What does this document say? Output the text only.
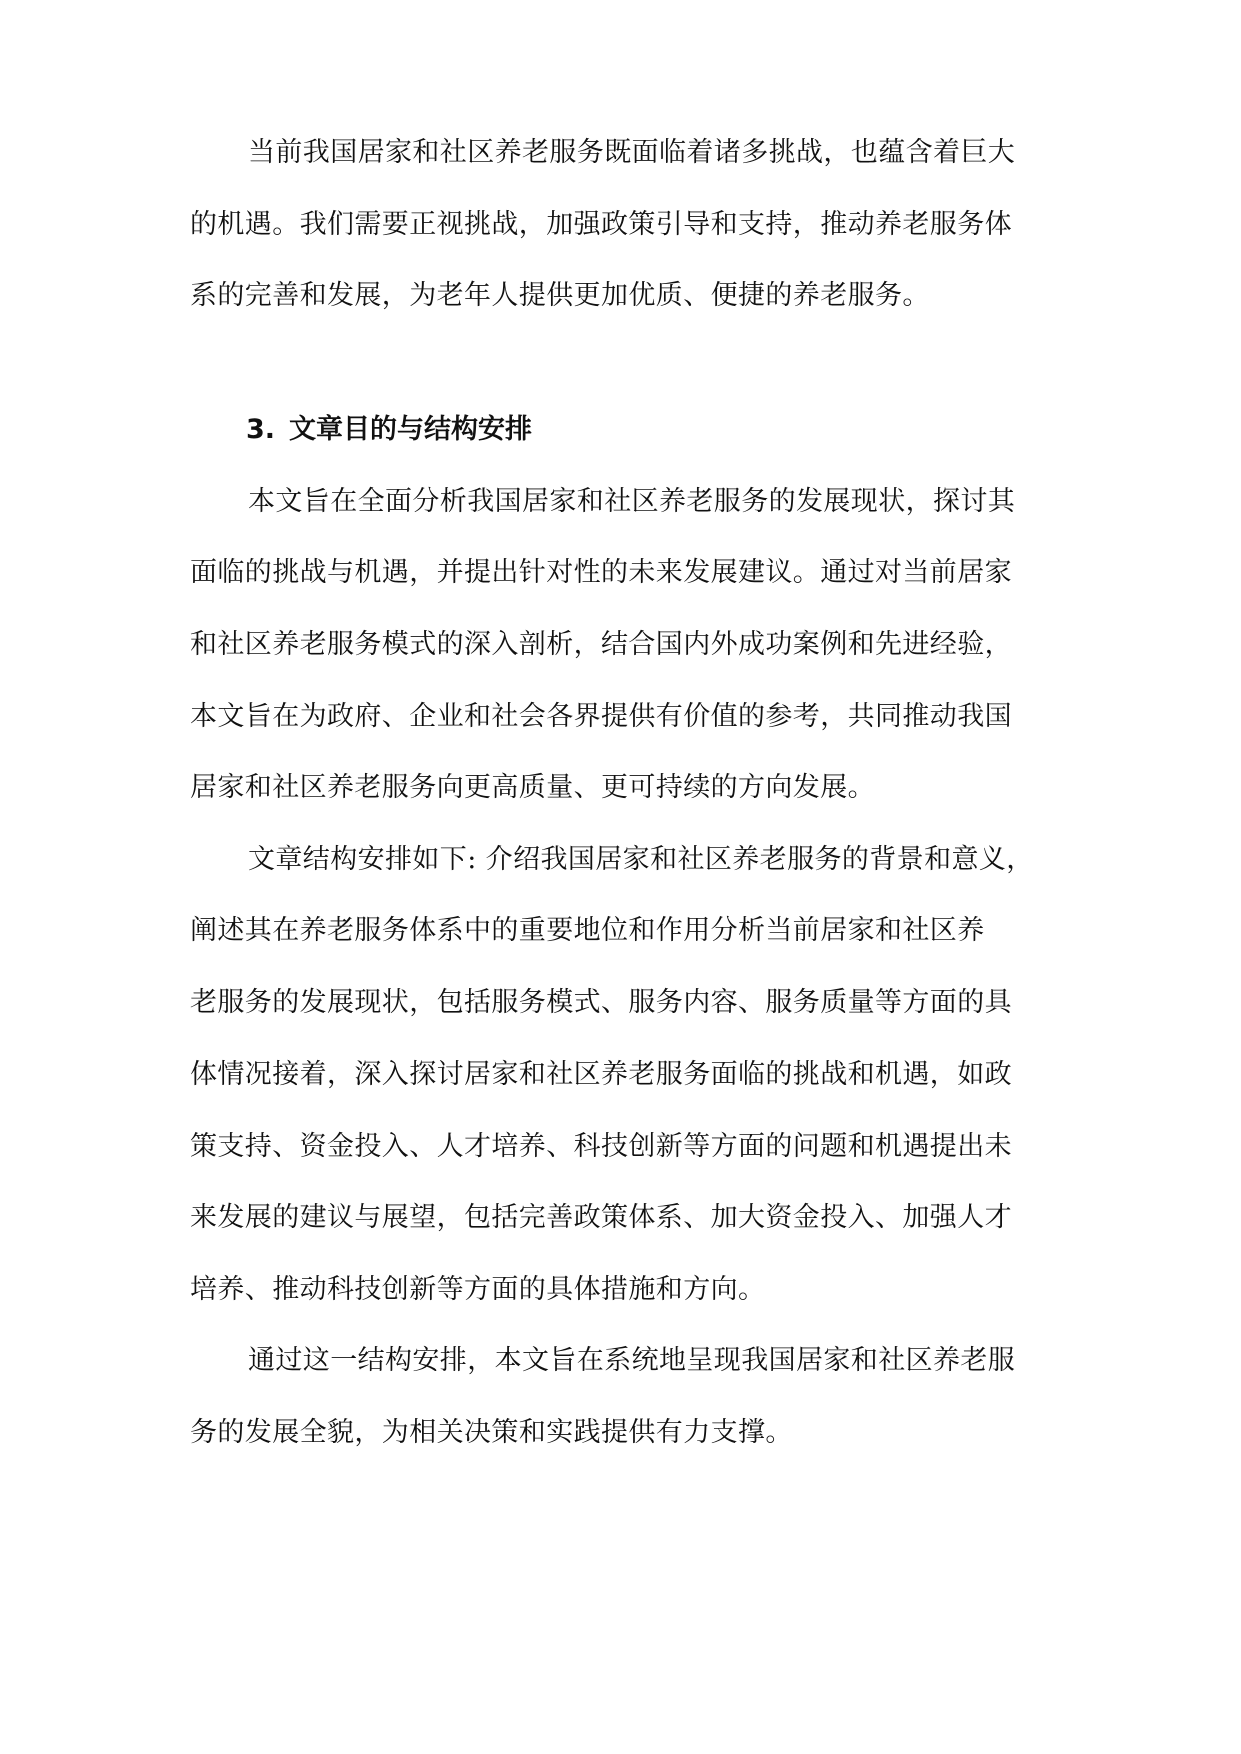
当前我国居家和社区养老服务既面临着诸多挑战，也蕴含着巨大

的机遇。我们需要正视挑战，加强政策引导和支持，推动养老服务体

系的完善和发展，为老年人提供更加优质、便捷的养老服务。

3. 文章目的与结构安排

本文旨在全面分析我国居家和社区养老服务的发展现状，探讨其

面临的挑战与机遇，并提出针对性的未来发展建议。通过对当前居家

和社区养老服务模式的深入剖析，结合国内外成功案例和先进经验，

本文旨在为政府、企业和社会各界提供有价值的参考，共同推动我国

居家和社区养老服务向更高质量、更可持续的方向发展。

文章结构安排如下: 介绍我国居家和社区养老服务的背景和意义，

阐述其在养老服务体系中的重要地位和作用分析当前居家和社区养

老服务的发展现状，包括服务模式、服务内容、服务质量等方面的具

体情况接着，深入探讨居家和社区养老服务面临的挑战和机遇，如政

策支持、资金投入、人才培养、科技创新等方面的问题和机遇提出未

来发展的建议与展望，包括完善政策体系、加大资金投入、加强人才

培养、推动科技创新等方面的具体措施和方向。

通过这一结构安排，本文旨在系统地呈现我国居家和社区养老服

务的发展全貌，为相关决策和实践提供有力支撑。
